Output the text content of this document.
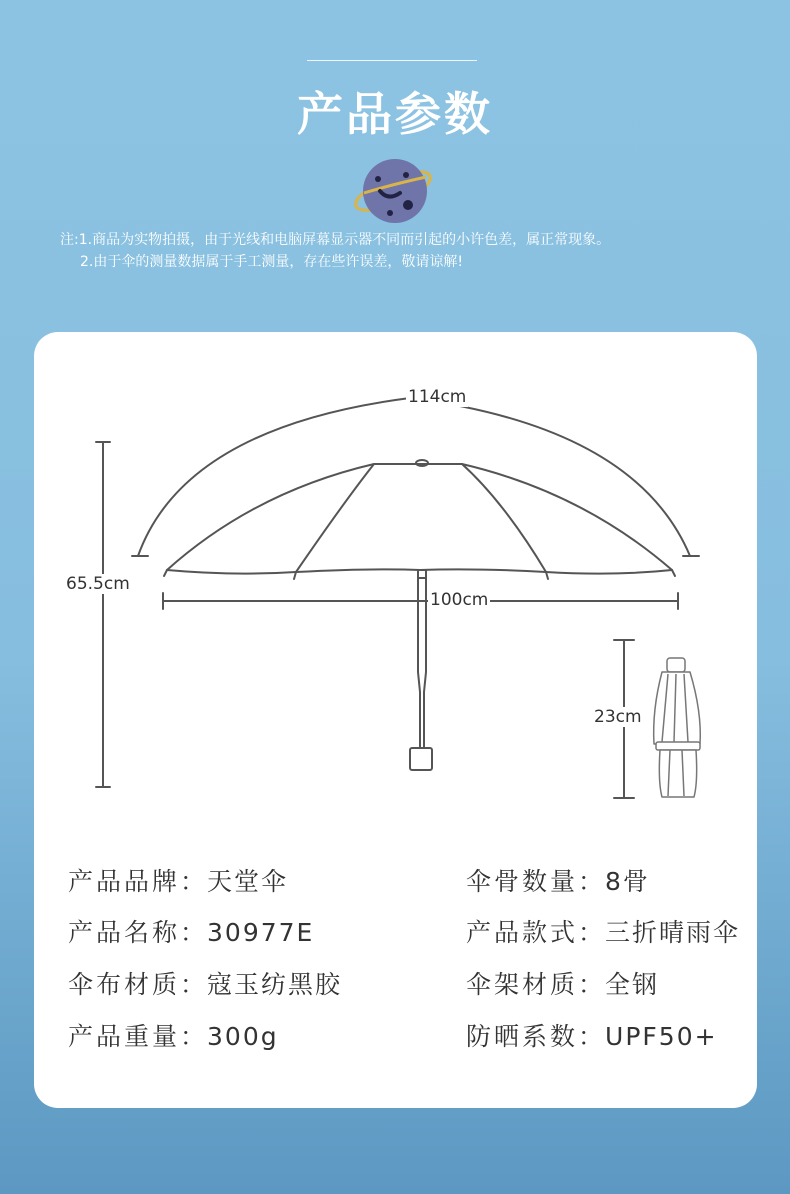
产品参数
注:1.商品为实物拍摄，由于光线和电脑屏幕显示器不同而引起的小许色差，属正常现象。
2.由于伞的测量数据属于手工测量，存在些许误差，敬请谅解!
114cm
100cm
65.5cm
23cm
产品品牌：天堂伞
产品名称：30977E
伞布材质：寇玉纺黑胶
产品重量：300g
伞骨数量：8骨
产品款式：三折晴雨伞
伞架材质：全钢
防晒系数：UPF50+
